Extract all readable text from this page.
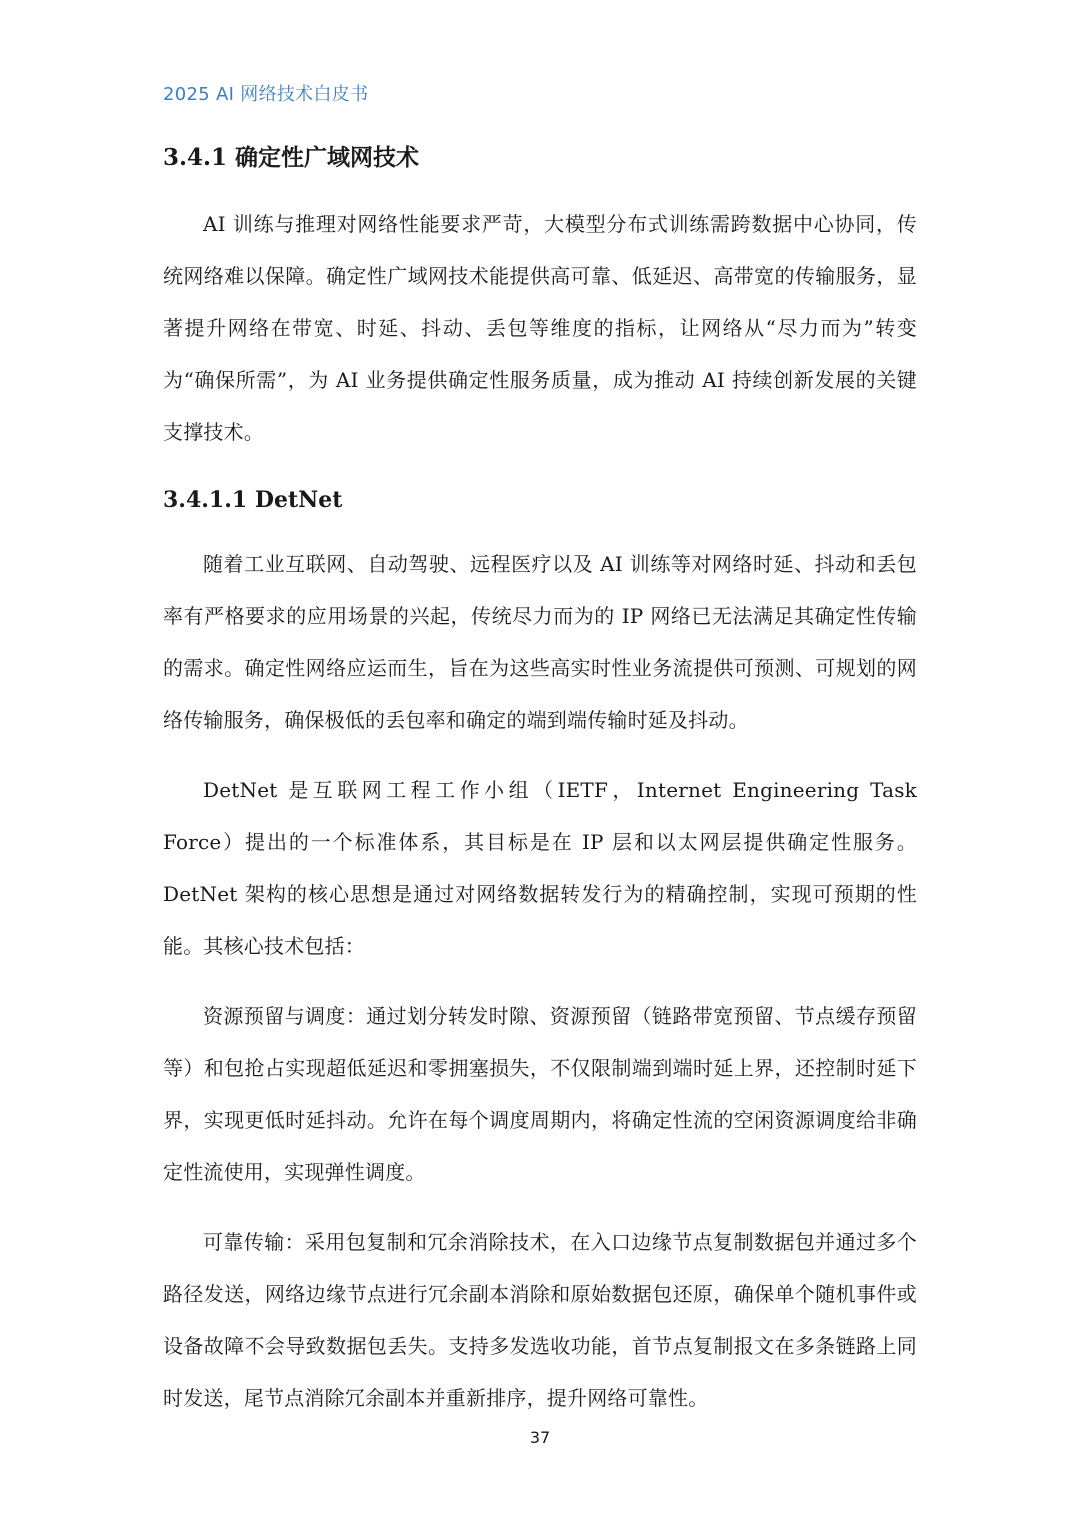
2025 AI 网络技术白皮书
3.4.1 确定性广域网技术

AI 训练与推理对网络性能要求严苛，大模型分布式训练需跨数据中心协同，传统网络难以保障。确定性广域网技术能提供高可靠、低延迟、高带宽的传输服务，显著提升网络在带宽、时延、抖动、丢包等维度的指标，让网络从“尽力而为”转变为“确保所需”，为 AI 业务提供确定性服务质量，成为推动 AI 持续创新发展的关键支撑技术。

3.4.1.1 DetNet

随着工业互联网、自动驾驶、远程医疗以及 AI 训练等对网络时延、抖动和丢包率有严格要求的应用场景的兴起，传统尽力而为的 IP 网络已无法满足其确定性传输的需求。确定性网络应运而生，旨在为这些高实时性业务流提供可预测、可规划的网络传输服务，确保极低的丢包率和确定的端到端传输时延及抖动。

DetNet 是互联网工程工作小组（IETF，Internet Engineering Task Force）提出的一个标准体系，其目标是在 IP 层和以太网层提供确定性服务。DetNet 架构的核心思想是通过对网络数据转发行为的精确控制，实现可预期的性能。其核心技术包括：

资源预留与调度：通过划分转发时隙、资源预留（链路带宽预留、节点缓存预留等）和包抢占实现超低延迟和零拥塞损失，不仅限制端到端时延上界，还控制时延下界，实现更低时延抖动。允许在每个调度周期内，将确定性流的空闲资源调度给非确定性流使用，实现弹性调度。

可靠传输：采用包复制和冗余消除技术，在入口边缘节点复制数据包并通过多个路径发送，网络边缘节点进行冗余副本消除和原始数据包还原，确保单个随机事件或设备故障不会导致数据包丢失。支持多发选收功能，首节点复制报文在多条链路上同时发送，尾节点消除冗余副本并重新排序，提升网络可靠性。

37
